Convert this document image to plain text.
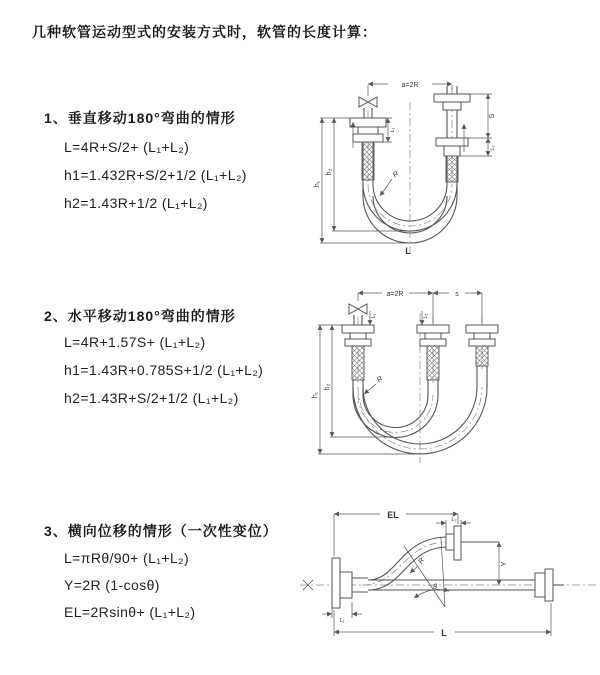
几种软管运动型式的安装方式时，软管的长度计算：
1、垂直移动180°弯曲的情形
L=4R+S/2+ (L₁+L₂)
h1=1.432R+S/2+1/2 (L₁+L₂)
h2=1.43R+1/2 (L₁+L₂)
2、水平移动180°弯曲的情形
L=4R+1.57S+ (L₁+L₂)
h1=1.43R+0.785S+1/2 (L₁+L₂)
h2=1.43R+S/2+1/2 (L₁+L₂)
3、横向位移的情形（一次性变位）
L=πRθ/90+ (L₁+L₂)
Y=2R (1-cosθ)
EL=2Rsinθ+ (L₁+L₂)
a=2R
h₁
h₂
L₁
S
L₂
R
L
a=2R	s
h₁
h₂
L₁	L₂
R
θ
EL
L
Y
L₂
L₁
R
